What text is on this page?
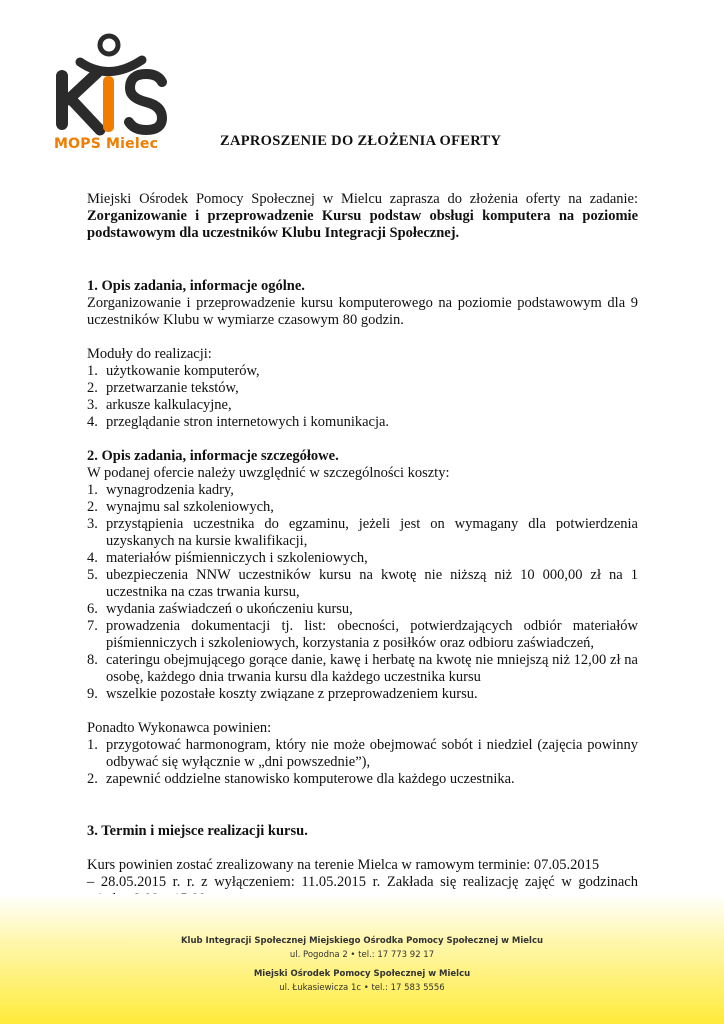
MOPS Mielec	ZAPROSZENIE DO ZŁOŻENIA OFERTY

Miejski Ośrodek Pomocy Społecznej w Mielcu zaprasza do złożenia oferty na zadanie: Zorganizowanie i przeprowadzenie Kursu podstaw obsługi komputera na poziomie podstawowym dla uczestników Klubu Integracji Społecznej.

1. Opis zadania, informacje ogólne.

Zorganizowanie i przeprowadzenie kursu komputerowego na poziomie podstawowym dla 9 uczestników Klubu w wymiarze czasowym 80 godzin.

Moduły do realizacji:

1. użytkowanie komputerów,
2. przetwarzanie tekstów,
3. arkusze kalkulacyjne,
4. przeglądanie stron internetowych i komunikacja.

2. Opis zadania, informacje szczegółowe.

W podanej ofercie należy uwzględnić w szczególności koszty:

1. wynagrodzenia kadry,
2. wynajmu sal szkoleniowych,
3. przystąpienia uczestnika do egzaminu, jeżeli jest on wymagany dla potwierdzenia uzyskanych na kursie kwalifikacji,
4. materiałów piśmienniczych i szkoleniowych,
5. ubezpieczenia NNW uczestników kursu na kwotę nie niższą niż 10 000,00 zł na 1 uczestnika na czas trwania kursu,
6. wydania zaświadczeń o ukończeniu kursu,
7. prowadzenia dokumentacji tj. list: obecności, potwierdzających odbiór materiałów piśmienniczych i szkoleniowych, korzystania z posiłków oraz odbioru zaświadczeń,
8. cateringu obejmującego gorące danie, kawę i herbatę na kwotę nie mniejszą niż 12,00 zł na osobę, każdego dnia trwania kursu dla każdego uczestnika kursu
9. wszelkie pozostałe koszty związane z przeprowadzeniem kursu.

Ponadto Wykonawca powinien:

1. przygotować harmonogram, który nie może obejmować sobót i niedziel (zajęcia powinny odbywać się wyłącznie w „dni powszednie”),
2. zapewnić oddzielne stanowisko komputerowe dla każdego uczestnika.

3. Termin i miejsce realizacji kursu.

Kurs powinien zostać zrealizowany na terenie Mielca w ramowym terminie: 07.05.2015

– 28.05.2015 r. r. z wyłączeniem: 11.05.2015 r. Zakłada się realizację zajęć w godzinach

Klub Integracji Społecznej Miejskiego Ośrodka Pomocy Społecznej w Mielcu
ul. Pogodna 2 • tel.: 17 773 92 17
Miejski Ośrodek Pomocy Społecznej w Mielcu
ul. Łukasiewicza 1c • tel.: 17 583 5556
